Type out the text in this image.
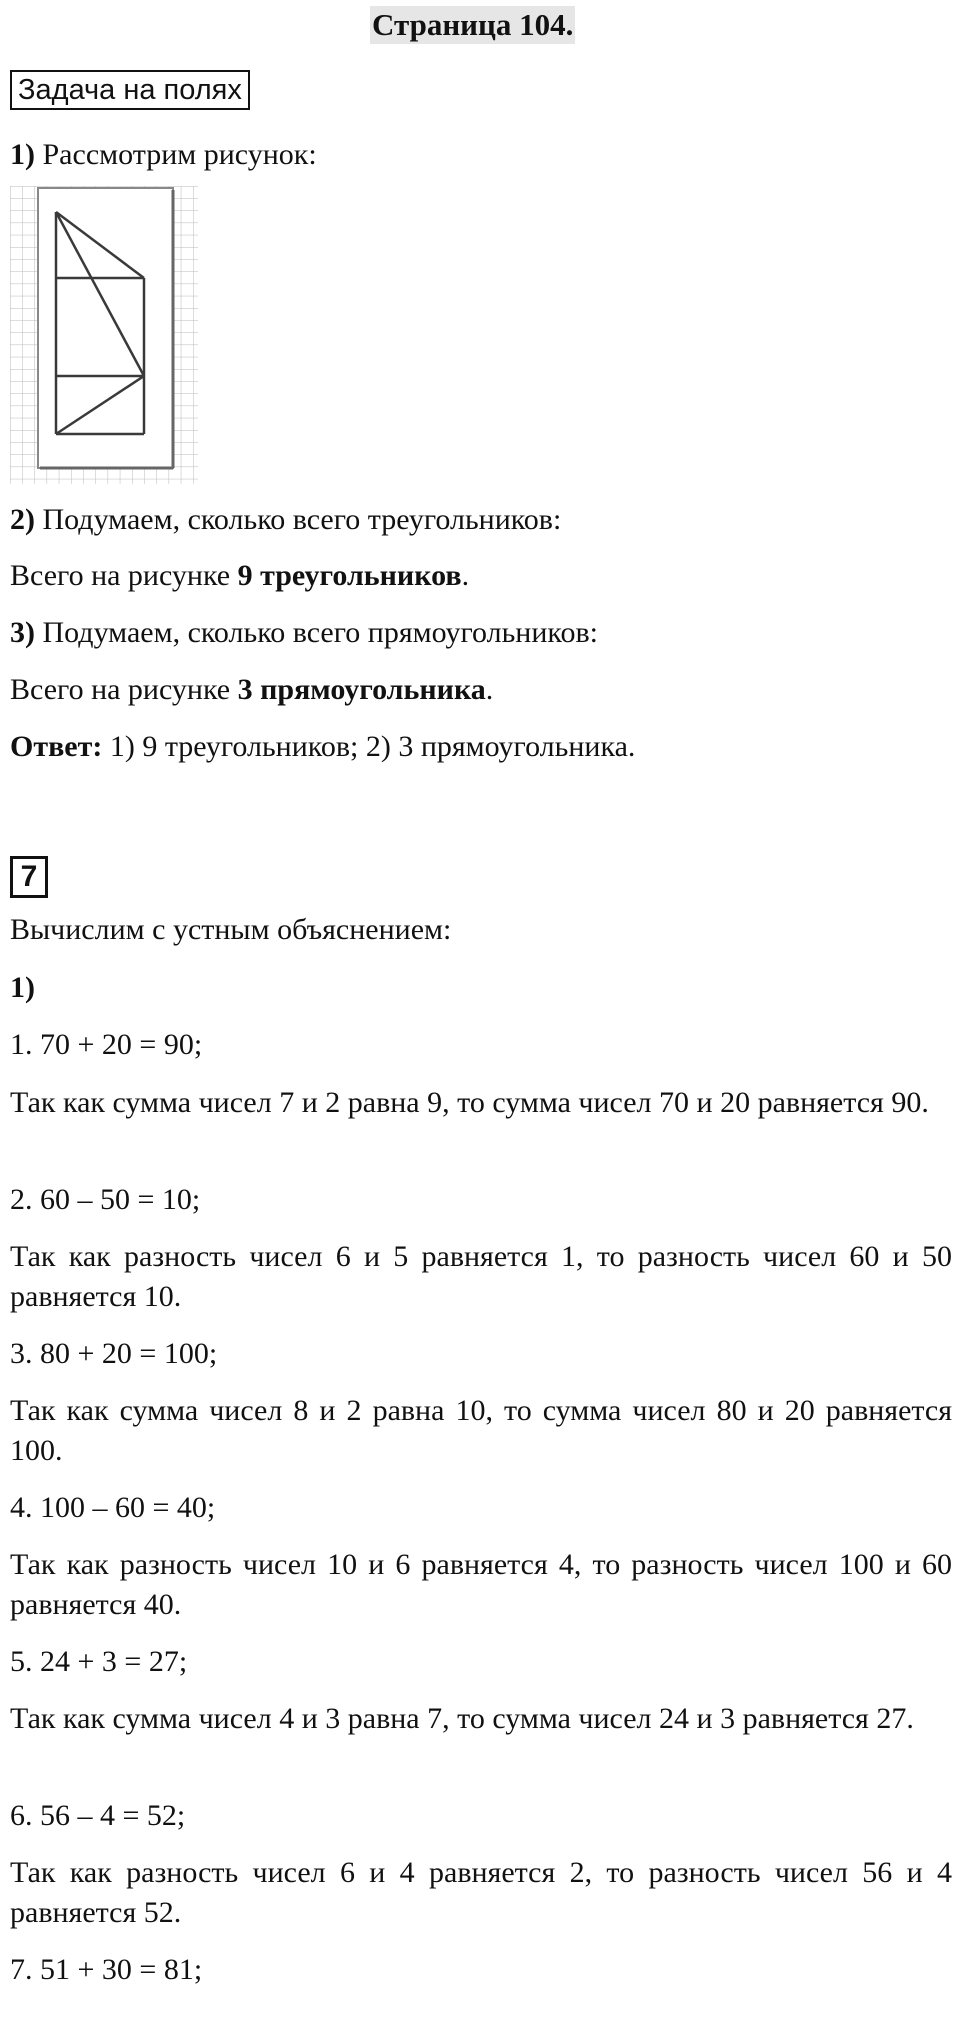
Страница 104.
Задача на полях
1) Рассмотрим рисунок:
2) Подумаем, сколько всего треугольников:
Всего на рисунке 9 треугольников.
3) Подумаем, сколько всего прямоугольников:
Всего на рисунке 3 прямоугольника.
Ответ: 1) 9 треугольников; 2) 3 прямоугольника.
7
Вычислим с устным объяснением:
1)
1. 70 + 20 = 90;
Так как сумма чисел 7 и 2 равна 9, то сумма чисел 70 и 20 равняется 90.
2. 60 – 50 = 10;
Так как разность чисел 6 и 5 равняется 1, то разность чисел 60 и 50 равняется 10.
3. 80 + 20 = 100;
Так как сумма чисел 8 и 2 равна 10, то сумма чисел 80 и 20 равняется 100.
4. 100 – 60 = 40;
Так как разность чисел 10 и 6 равняется 4, то разность чисел 100 и 60 равняется 40.
5. 24 + 3 = 27;
Так как сумма чисел 4 и 3 равна 7, то сумма чисел 24 и 3 равняется 27.
6. 56 – 4 = 52;
Так как разность чисел 6 и 4 равняется 2, то разность чисел 56 и 4 равняется 52.
7. 51 + 30 = 81;
